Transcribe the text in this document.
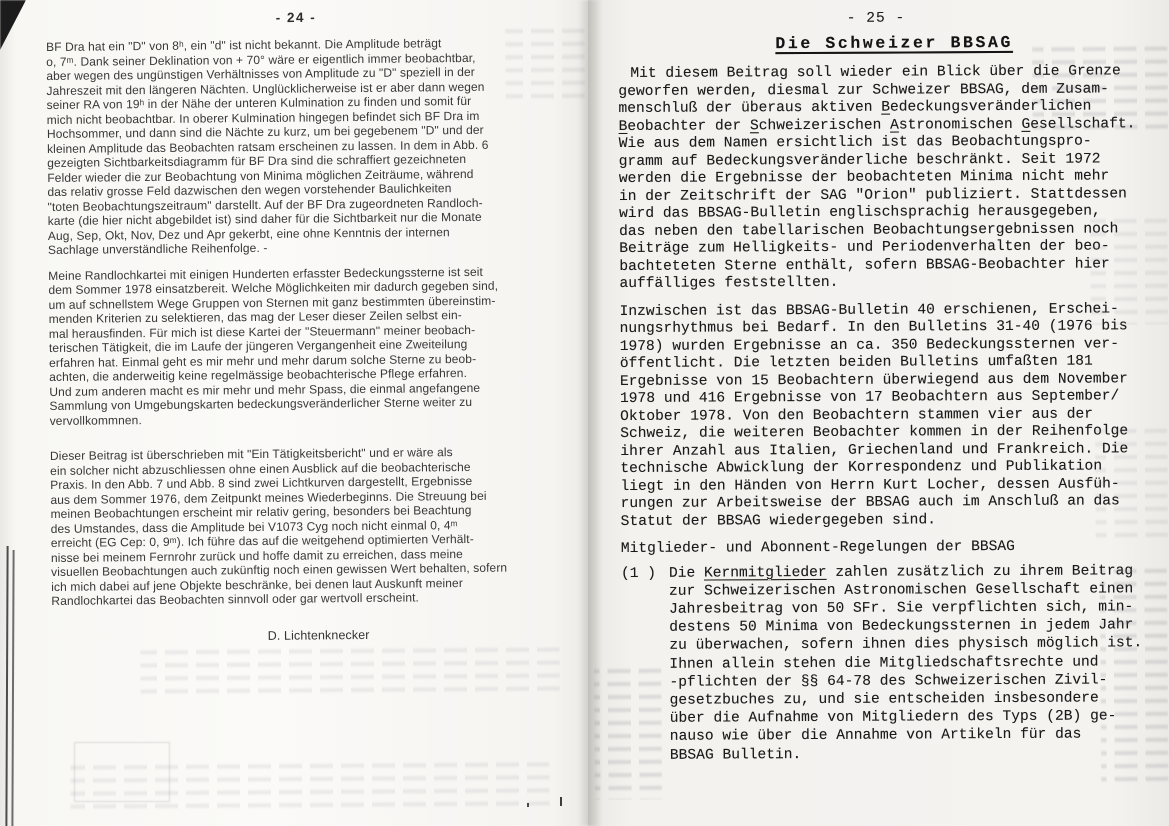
- 24 -

BF Dra hat ein "D" von 8ʰ, ein "d" ist nicht bekannt. Die Amplitude beträgt
o, 7ᵐ. Dank seiner Deklination von + 70° wäre er eigentlich immer beobachtbar,
aber wegen des ungünstigen Verhältnisses von Amplitude zu "D" speziell in der
Jahreszeit mit den längeren Nächten. Unglücklicherweise ist er aber dann wegen
seiner RA von 19ʰ in der Nähe der unteren Kulmination zu finden und somit für
mich nicht beobachtbar. In oberer Kulmination hingegen befindet sich BF Dra im
Hochsommer, und dann sind die Nächte zu kurz, um bei gegebenem "D" und der
kleinen Amplitude das Beobachten ratsam erscheinen zu lassen. In dem in Abb. 6
gezeigten Sichtbarkeitsdiagramm für BF Dra sind die schraffiert gezeichneten
Felder wieder die zur Beobachtung von Minima möglichen Zeiträume, während
das relativ grosse Feld dazwischen den wegen vorstehender Baulichkeiten
"toten Beobachtungszeitraum" darstellt. Auf der BF Dra zugeordneten Randloch-
karte (die hier nicht abgebildet ist) sind daher für die Sichtbarkeit nur die Monate
Aug, Sep, Okt, Nov, Dez und Apr gekerbt, eine ohne Kenntnis der internen
Sachlage unverständliche Reihenfolge. -

Meine Randlochkartei mit einigen Hunderten erfasster Bedeckungssterne ist seit
dem Sommer 1978 einsatzbereit. Welche Möglichkeiten mir dadurch gegeben sind,
um auf schnellstem Wege Gruppen von Sternen mit ganz bestimmten übereinstim-
menden Kriterien zu selektieren, das mag der Leser dieser Zeilen selbst ein-
mal herausfinden. Für mich ist diese Kartei der "Steuermann" meiner beobach-
terischen Tätigkeit, die im Laufe der jüngeren Vergangenheit eine Zweiteilung
erfahren hat. Einmal geht es mir mehr und mehr darum solche Sterne zu beob-
achten, die anderweitig keine regelmässige beobachterische Pflege erfahren.
Und zum anderen macht es mir mehr und mehr Spass, die einmal angefangene
Sammlung von Umgebungskarten bedeckungsveränderlicher Sterne weiter zu
vervollkommnen.

Dieser Beitrag ist überschrieben mit "Ein Tätigkeitsbericht" und er wäre als
ein solcher nicht abzuschliessen ohne einen Ausblick auf die beobachterische
Praxis. In den Abb. 7 und Abb. 8 sind zwei Lichtkurven dargestellt, Ergebnisse
aus dem Sommer 1976, dem Zeitpunkt meines Wiederbeginns. Die Streuung bei
meinen Beobachtungen erscheint mir relativ gering, besonders bei Beachtung
des Umstandes, dass die Amplitude bei V1073 Cyg noch nicht einmal 0, 4ᵐ
erreicht (EG Cep: 0, 9ᵐ). Ich führe das auf die weitgehend optimierten Verhält-
nisse bei meinem Fernrohr zurück und hoffe damit zu erreichen, dass meine
visuellen Beobachtungen auch zukünftig noch einen gewissen Wert behalten, sofern
ich mich dabei auf jene Objekte beschränke, bei denen laut Auskunft meiner
Randlochkartei das Beobachten sinnvoll oder gar wertvoll erscheint.

D. Lichtenknecker
- 25 -
Die Schweizer BBSAG

Mit diesem Beitrag soll wieder ein Blick über die Grenze
geworfen werden, diesmal zur Schweizer BBSAG, dem Zusam-
menschluß der überaus aktiven Bedeckungsveränderlichen
Beobachter der Schweizerischen Astronomischen Gesellschaft.
Wie aus dem Namen ersichtlich ist das Beobachtungspro-
gramm auf Bedeckungsveränderliche beschränkt. Seit 1972
werden die Ergebnisse der beobachteten Minima nicht mehr
in der Zeitschrift der SAG "Orion" publiziert. Stattdessen
wird das BBSAG-Bulletin englischsprachig herausgegeben,
das neben den tabellarischen Beobachtungsergebnissen noch
Beiträge zum Helligkeits- und Periodenverhalten der beo-
bachteteten Sterne enthält, sofern BBSAG-Beobachter hier
auffälliges feststellten.

Inzwischen ist das BBSAG-Bulletin 40 erschienen, Erschei-
nungsrhythmus bei Bedarf. In den Bulletins 31-40 (1976 bis
1978) wurden Ergebnisse an ca. 350 Bedeckungssternen ver-
öffentlicht. Die letzten beiden Bulletins umfaßten 181
Ergebnisse von 15 Beobachtern überwiegend aus dem November
1978 und 416 Ergebnisse von 17 Beobachtern aus September/
Oktober 1978. Von den Beobachtern stammen vier aus der
Schweiz, die weiteren Beobachter kommen in der Reihenfolge
ihrer Anzahl aus Italien, Griechenland und Frankreich. Die
technische Abwicklung der Korrespondenz und Publikation
liegt in den Händen von Herrn Kurt Locher, dessen Ausfüh-
rungen zur Arbeitsweise der BBSAG auch im Anschluß an das
Statut der BBSAG wiedergegeben sind.

Mitglieder- und Abonnent-Regelungen der BBSAG
(1 ) Die Kernmitglieder zahlen zusätzlich zu ihrem Beitrag
zur Schweizerischen Astronomischen Gesellschaft einen
Jahresbeitrag von 50 SFr. Sie verpflichten sich, min-
destens 50 Minima von Bedeckungssternen in jedem Jahr
zu überwachen, sofern ihnen dies physisch möglich ist.
Ihnen allein stehen die Mitgliedschaftsrechte und
-pflichten der §§ 64-78 des Schweizerischen Zivil-
gesetzbuches zu, und sie entscheiden insbesondere
über die Aufnahme von Mitgliedern des Typs (2B) ge-
nauso wie über die Annahme von Artikeln für das
BBSAG Bulletin.
